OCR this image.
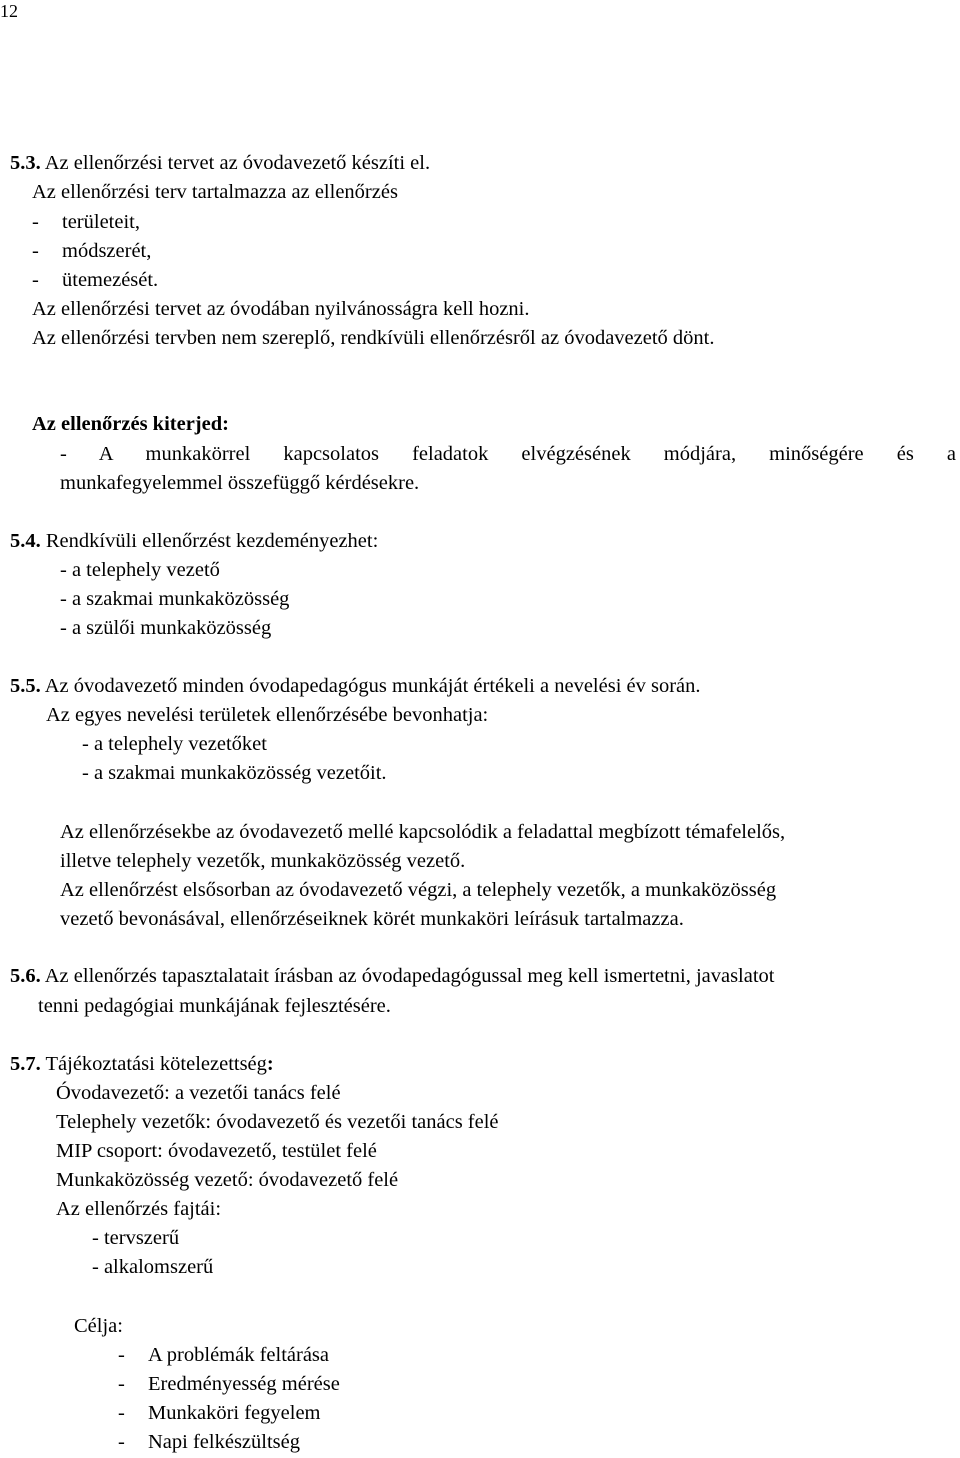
12
5.3. Az ellenőrzési tervet az óvodavezető készíti el.
Az ellenőrzési terv tartalmazza az ellenőrzés
- területeit,
- módszerét,
- ütemezését.
Az ellenőrzési tervet az óvodában nyilvánosságra kell hozni.
Az ellenőrzési tervben nem szereplő, rendkívüli ellenőrzésről az óvodavezető dönt.
Az ellenőrzés kiterjed:
- A munkakörrel kapcsolatos feladatok elvégzésének módjára, minőségére és a
munkafegyelemmel összefüggő kérdésekre.
5.4. Rendkívüli ellenőrzést kezdeményezhet:
- a telephely vezető
- a szakmai munkaközösség
- a szülői munkaközösség
5.5. Az óvodavezető minden óvodapedagógus munkáját értékeli a nevelési év során.
Az egyes nevelési területek ellenőrzésébe bevonhatja:
- a telephely vezetőket
- a szakmai munkaközösség vezetőit.
Az ellenőrzésekbe az óvodavezető mellé kapcsolódik a feladattal megbízott témafelelős,
illetve telephely vezetők, munkaközösség vezető.
Az ellenőrzést elsősorban az óvodavezető végzi, a telephely vezetők, a munkaközösség
vezető bevonásával, ellenőrzéseiknek körét munkaköri leírásuk tartalmazza.
5.6. Az ellenőrzés tapasztalatait írásban az óvodapedagógussal meg kell ismertetni, javaslatot
tenni pedagógiai munkájának fejlesztésére.
5.7. Tájékoztatási kötelezettség:
Óvodavezető: a vezetői tanács felé
Telephely vezetők: óvodavezető és vezetői tanács felé
MIP csoport: óvodavezető, testület felé
Munkaközösség vezető: óvodavezető felé
Az ellenőrzés fajtái:
- tervszerű
- alkalomszerű
Célja:
- A problémák feltárása
- Eredményesség mérése
- Munkaköri fegyelem
- Napi felkészültség
